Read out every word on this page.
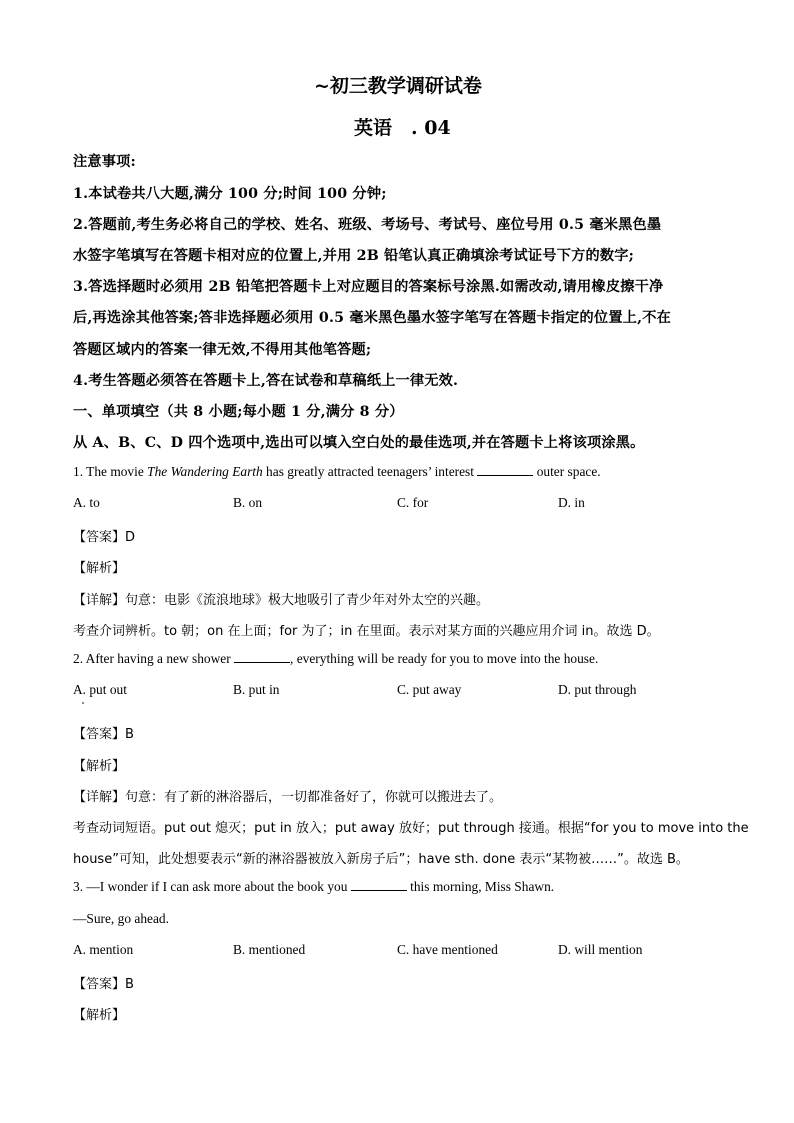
~初三教学调研试卷
英语　. 04
注意事项:
1.本试卷共八大题,满分 100 分;时间 100 分钟;
2.答题前,考生务必将自己的学校、姓名、班级、考场号、考试号、座位号用 0.5 毫米黑色墨
水签字笔填写在答题卡相对应的位置上,并用 2B 铅笔认真正确填涂考试证号下方的数字;
3.答选择题时必须用 2B 铅笔把答题卡上对应题目的答案标号涂黑.如需改动,请用橡皮擦干净
后,再选涂其他答案;答非选择题必须用 0.5 毫米黑色墨水签字笔写在答题卡指定的位置上,不在
答题区域内的答案一律无效,不得用其他笔答题;
4.考生答题必须答在答题卡上,答在试卷和草稿纸上一律无效.
一、单项填空（共 8 小题;每小题 1 分,满分 8 分）
从 A、B、C、D 四个选项中,选出可以填入空白处的最佳选项,并在答题卡上将该项涂黑。
1. The movie The Wandering Earth has greatly attracted teenagers’ interest	outer space.
A. to	B. on	C. for	D. in
【答案】D
【解析】
【详解】句意：电影《流浪地球》极大地吸引了青少年对外太空的兴趣。
考查介词辨析。to 朝；on 在上面；for 为了；in 在里面。表示对某方面的兴趣应用介词 in。故选 D。
2. After having a new shower	, everything will be ready for you to move into the house.
A. put out	B. put in	C. put away	D. put through
【答案】B
【解析】
【详解】句意：有了新的淋浴器后，一切都准备好了，你就可以搬进去了。
考查动词短语。put out 熄灭；put in 放入；put away 放好；put through 接通。根据“for you to move into the
house”可知，此处想要表示“新的淋浴器被放入新房子后”；have sth. done 表示“某物被……”。故选 B。
3. —I wonder if I can ask more about the book you	this morning, Miss Shawn.
—Sure, go ahead.
A. mention	B. mentioned	C. have mentioned	D. will mention
【答案】B
【解析】
